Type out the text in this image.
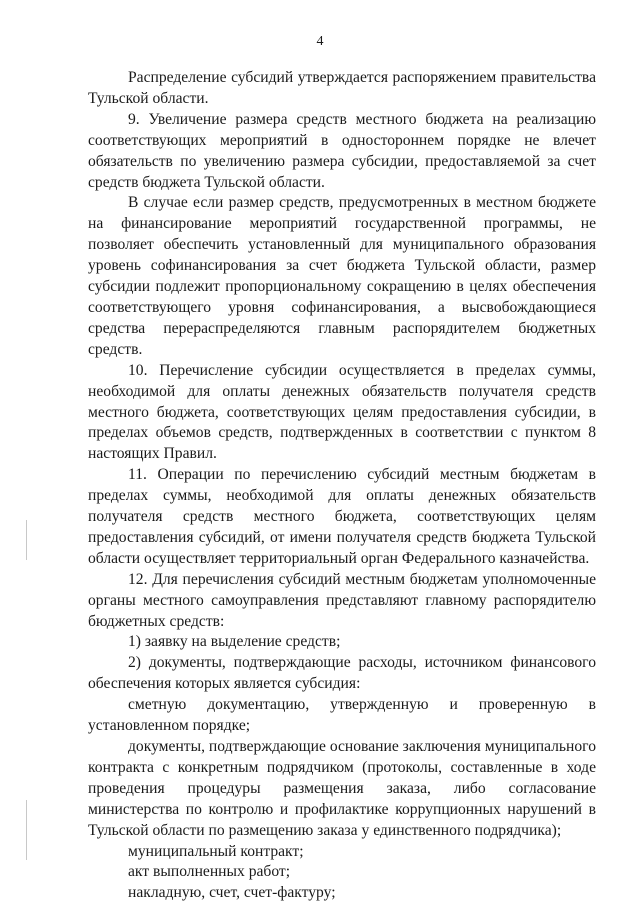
4

Распределение субсидий утверждается распоряжением правительства Тульской области.

9. Увеличение размера средств местного бюджета на реализацию соответствующих мероприятий в одностороннем порядке не влечет обязательств по увеличению размера субсидии, предоставляемой за счет средств бюджета Тульской области.

В случае если размер средств, предусмотренных в местном бюджете на финансирование мероприятий государственной программы, не позволяет обеспечить установленный для муниципального образования уровень софинансирования за счет бюджета Тульской области, размер субсидии подлежит пропорциональному сокращению в целях обеспечения соответствующего уровня софинансирования, а высвобождающиеся средства перераспределяются главным распорядителем бюджетных средств.

10. Перечисление субсидии осуществляется в пределах суммы, необходимой для оплаты денежных обязательств получателя средств местного бюджета, соответствующих целям предоставления субсидии, в пределах объемов средств, подтвержденных в соответствии с пунктом 8 настоящих Правил.

11. Операции по перечислению субсидий местным бюджетам в пределах суммы, необходимой для оплаты денежных обязательств получателя средств местного бюджета, соответствующих целям предоставления субсидий, от имени получателя средств бюджета Тульской области осуществляет территориальный орган Федерального казначейства.

12. Для перечисления субсидий местным бюджетам уполномоченные органы местного самоуправления представляют главному распорядителю бюджетных средств:

1) заявку на выделение средств;

2) документы, подтверждающие расходы, источником финансового обеспечения которых является субсидия:

сметную документацию, утвержденную и проверенную в установленном порядке;

документы, подтверждающие основание заключения муниципального контракта с конкретным подрядчиком (протоколы, составленные в ходе проведения процедуры размещения заказа, либо согласование министерства по контролю и профилактике коррупционных нарушений в Тульской области по размещению заказа у единственного подрядчика);

муниципальный контракт;

акт выполненных работ;

накладную, счет, счет-фактуру;
